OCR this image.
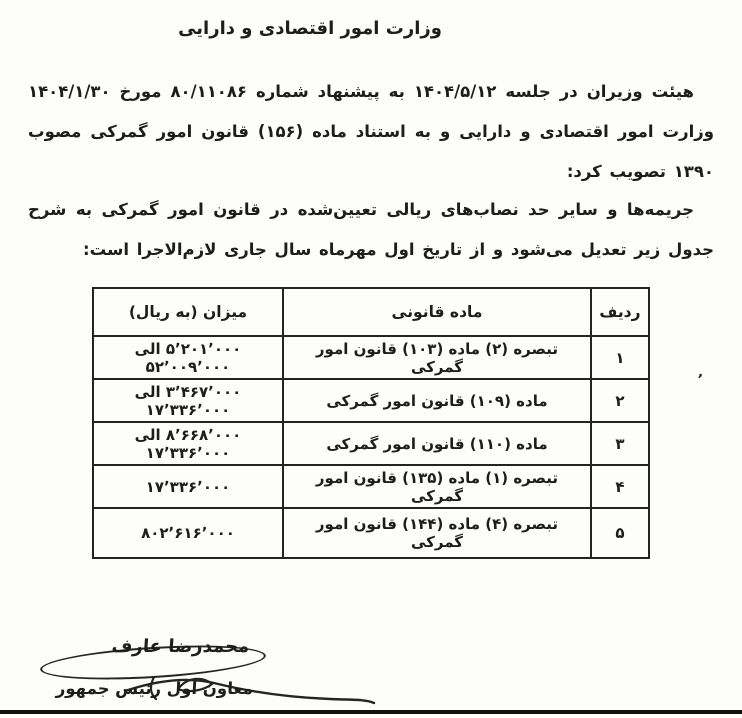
وزارت امور اقتصادی و دارایی
هیئت وزیران در جلسه ۱۴۰۴/۵/۱۲ به پیشنهاد شماره ۸۰/۱۱۰۸۶ مورخ ۱۴۰۴/۱/۳۰ وزارت امور اقتصادی و دارایی و به استناد ماده (۱۵۶) قانون امور گمرکی مصوب ۱۳۹۰ تصویب کرد:
جریمه‌ها و سایر حد نصاب‌های ریالی تعیین‌شده در قانون امور گمرکی به شرح جدول زیر تعدیل می‌شود و از تاریخ اول مهرماه سال جاری لازم‌الاجرا است:
ردیف	ماده قانونی	میزان (به ریال)
۱	تبصره (۲) ماده (۱۰۳) قانون امور گمرکی	۵٬۲۰۱٬۰۰۰ الی ۵۲٬۰۰۹٬۰۰۰
۲	ماده (۱۰۹) قانون امور گمرکی	۳٬۴۶۷٬۰۰۰ الی ۱۷٬۳۳۶٬۰۰۰
۳	ماده (۱۱۰) قانون امور گمرکی	۸٬۶۶۸٬۰۰۰ الی ۱۷٬۳۳۶٬۰۰۰
۴	تبصره (۱) ماده (۱۳۵) قانون امور گمرکی	۱۷٬۳۳۶٬۰۰۰
۵	تبصره (۴) ماده (۱۴۴) قانون امور گمرکی	۸۰۲٬۶۱۶٬۰۰۰
٬
محمدرضا عارف
معاون اول رئیس جمهور
